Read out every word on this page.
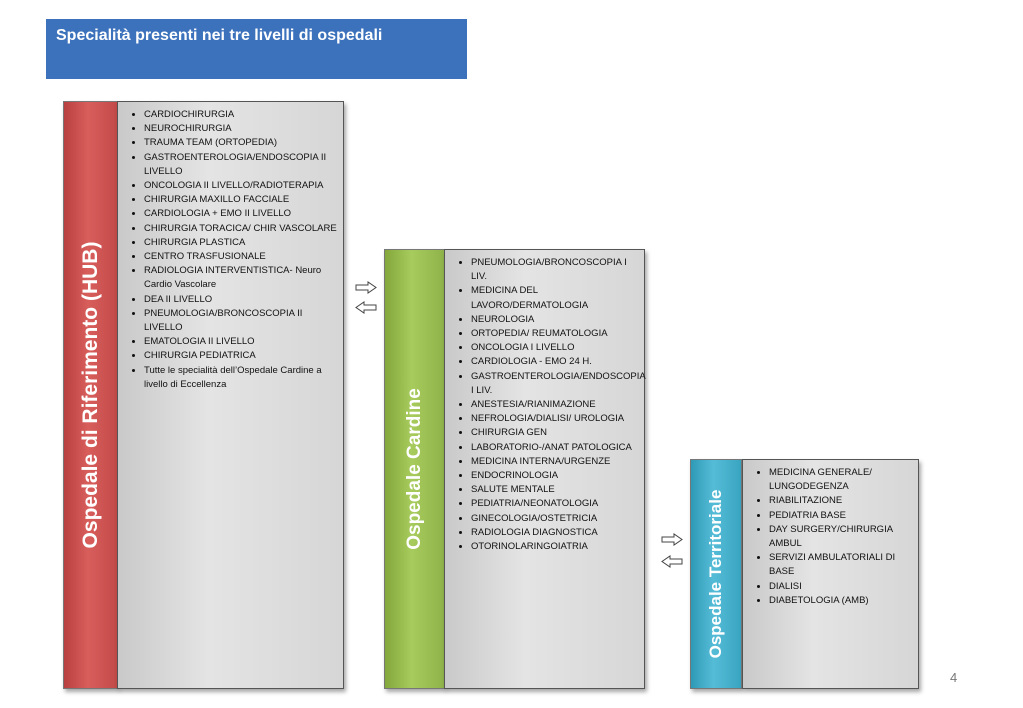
Specialità presenti nei tre livelli di ospedali
Ospedale di Riferimento (HUB)
• CARDIOCHIRURGIA
• NEUROCHIRURGIA
• TRAUMA TEAM (ORTOPEDIA)
• GASTROENTEROLOGIA/ENDOSCOPIA II LIVELLO
• ONCOLOGIA II LIVELLO/RADIOTERAPIA
• CHIRURGIA MAXILLO FACCIALE
• CARDIOLOGIA + EMO II LIVELLO
• CHIRURGIA TORACICA/ CHIR VASCOLARE
• CHIRURGIA PLASTICA
• CENTRO TRASFUSIONALE
• RADIOLOGIA INTERVENTISTICA- Neuro Cardio Vascolare
• DEA II LIVELLO
• PNEUMOLOGIA/BRONCOSCOPIA II LIVELLO
• EMATOLOGIA II LIVELLO
• CHIRURGIA PEDIATRICA
• Tutte le specialità dell’Ospedale Cardine a livello di Eccellenza
Ospedale Cardine
• PNEUMOLOGIA/BRONCOSCOPIA I LIV.
• MEDICINA DEL LAVORO/DERMATOLOGIA
• NEUROLOGIA
• ORTOPEDIA/ REUMATOLOGIA
• ONCOLOGIA I LIVELLO
• CARDIOLOGIA - EMO 24 H.
• GASTROENTEROLOGIA/ENDOSCOPIA I LIV.
• ANESTESIA/RIANIMAZIONE
• NEFROLOGIA/DIALISI/ UROLOGIA
• CHIRURGIA GEN
• LABORATORIO-/ANAT PATOLOGICA
• MEDICINA INTERNA/URGENZE
• ENDOCRINOLOGIA
• SALUTE MENTALE
• PEDIATRIA/NEONATOLOGIA
• GINECOLOGIA/OSTETRICIA
• RADIOLOGIA DIAGNOSTICA
• OTORINOLARINGOIATRIA	Ospedale Territoriale
• MEDICINA GENERALE/ LUNGODEGENZA
• RIABILITAZIONE
• PEDIATRIA BASE
• DAY SURGERY/CHIRURGIA AMBUL
• SERVIZI AMBULATORIALI DI BASE
• DIALISI
• DIABETOLOGIA (AMB)
4
